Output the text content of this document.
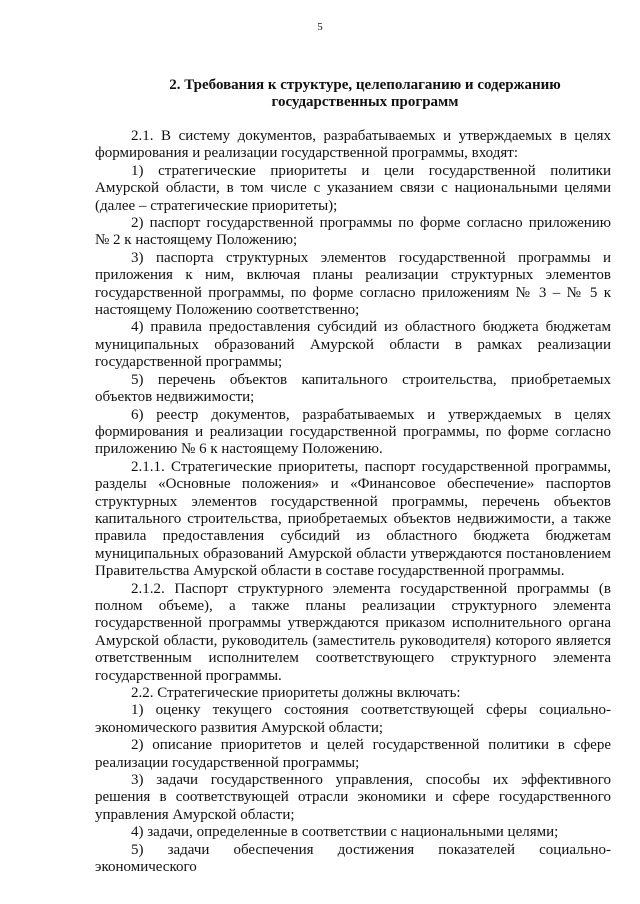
5
2. Требования к структуре, целеполаганию и содержанию
государственных программ

2.1. В систему документов, разрабатываемых и утверждаемых в целях формирования и реализации государственной программы, входят:

1) стратегические приоритеты и цели государственной политики Амурской области, в том числе с указанием связи с национальными целями (далее – стратегические приоритеты);

2) паспорт государственной программы по форме согласно приложению № 2 к настоящему Положению;

3) паспорта структурных элементов государственной программы и приложения к ним, включая планы реализации структурных элементов государственной программы, по форме согласно приложениям № 3 – № 5 к настоящему Положению соответственно;

4) правила предоставления субсидий из областного бюджета бюджетам муниципальных образований Амурской области в рамках реализации государственной программы;

5) перечень объектов капитального строительства, приобретаемых объектов недвижимости;

6) реестр документов, разрабатываемых и утверждаемых в целях формирования и реализации государственной программы, по форме согласно приложению № 6 к настоящему Положению.

2.1.1. Стратегические приоритеты, паспорт государственной программы, разделы «Основные положения» и «Финансовое обеспечение» паспортов структурных элементов государственной программы, перечень объектов капитального строительства, приобретаемых объектов недвижимости, а также правила предоставления субсидий из областного бюджета бюджетам муниципальных образований Амурской области утверждаются постановлением Правительства Амурской области в составе государственной программы.

2.1.2. Паспорт структурного элемента государственной программы (в полном объеме), а также планы реализации структурного элемента государственной программы утверждаются приказом исполнительного органа Амурской области, руководитель (заместитель руководителя) которого является ответственным исполнителем соответствующего структурного элемента государственной программы.

2.2. Стратегические приоритеты должны включать:

1) оценку текущего состояния соответствующей сферы социально-экономического развития Амурской области;

2) описание приоритетов и целей государственной политики в сфере реализации государственной программы;

3) задачи государственного управления, способы их эффективного решения в соответствующей отрасли экономики и сфере государственного управления Амурской области;

4) задачи, определенные в соответствии с национальными целями;

5) задачи обеспечения достижения показателей социально-экономического
